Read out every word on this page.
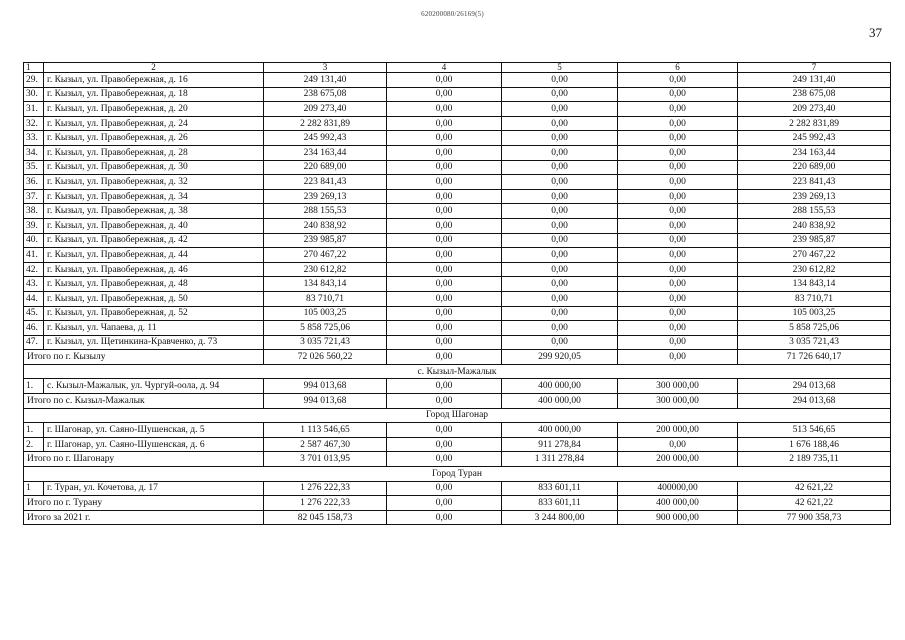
620200080/26169(5)
37
1	2	3	4	5	6	7
29.	г. Кызыл, ул. Правобережная, д. 16	249 131,40	0,00	0,00	0,00	249 131,40
30.	г. Кызыл, ул. Правобережная, д. 18	238 675,08	0,00	0,00	0,00	238 675,08
31.	г. Кызыл, ул. Правобережная, д. 20	209 273,40	0,00	0,00	0,00	209 273,40
32.	г. Кызыл, ул. Правобережная, д. 24	2 282 831,89	0,00	0,00	0,00	2 282 831,89
33.	г. Кызыл, ул. Правобережная, д. 26	245 992,43	0,00	0,00	0,00	245 992,43
34.	г. Кызыл, ул. Правобережная, д. 28	234 163,44	0,00	0,00	0,00	234 163,44
35.	г. Кызыл, ул. Правобережная, д. 30	220 689,00	0,00	0,00	0,00	220 689,00
36.	г. Кызыл, ул. Правобережная, д. 32	223 841,43	0,00	0,00	0,00	223 841,43
37.	г. Кызыл, ул. Правобережная, д. 34	239 269,13	0,00	0,00	0,00	239 269,13
38.	г. Кызыл, ул. Правобережная, д. 38	288 155,53	0,00	0,00	0,00	288 155,53
39.	г. Кызыл, ул. Правобережная, д. 40	240 838,92	0,00	0,00	0,00	240 838,92
40.	г. Кызыл, ул. Правобережная, д. 42	239 985,87	0,00	0,00	0,00	239 985,87
41.	г. Кызыл, ул. Правобережная, д. 44	270 467,22	0,00	0,00	0,00	270 467,22
42.	г. Кызыл, ул. Правобережная, д. 46	230 612,82	0,00	0,00	0,00	230 612,82
43.	г. Кызыл, ул. Правобережная, д. 48	134 843,14	0,00	0,00	0,00	134 843,14
44.	г. Кызыл, ул. Правобережная, д. 50	83 710,71	0,00	0,00	0,00	83 710,71
45.	г. Кызыл, ул. Правобережная, д. 52	105 003,25	0,00	0,00	0,00	105 003,25
46.	г. Кызыл, ул. Чапаева, д. 11	5 858 725,06	0,00	0,00	0,00	5 858 725,06
47.	г. Кызыл, ул. Щетинкина-Кравченко, д. 73	3 035 721,43	0,00	0,00	0,00	3 035 721,43
Итого по г. Кызылу		72 026 560,22	0,00	299 920,05	0,00	71 726 640,17
с. Кызыл-Мажалык						
1.	с. Кызыл-Мажалык, ул. Чургуй-оола, д. 94	994 013,68	0,00	400 000,00	300 000,00	294 013,68
Итого по с. Кызыл-Мажалык		994 013,68	0,00	400 000,00	300 000,00	294 013,68
Город Шагонар						
1.	г. Шагонар, ул. Саяно-Шушенская, д. 5	1 113 546,65	0,00	400 000,00	200 000,00	513 546,65
2.	г. Шагонар, ул. Саяно-Шушенская, д. 6	2 587 467,30	0,00	911 278,84	0,00	1 676 188,46
Итого по г. Шагонару		3 701 013,95	0,00	1 311 278,84	200 000,00	2 189 735,11
Город Туран						
1	г. Туран, ул. Кочетова, д. 17	1 276 222,33	0,00	833 601,11	400000,00	42 621,22
Итого по г. Турану		1 276 222,33	0,00	833 601,11	400 000,00	42 621,22
Итого за 2021 г.		82 045 158,73	0,00	3 244 800,00	900 000,00	77 900 358,73
